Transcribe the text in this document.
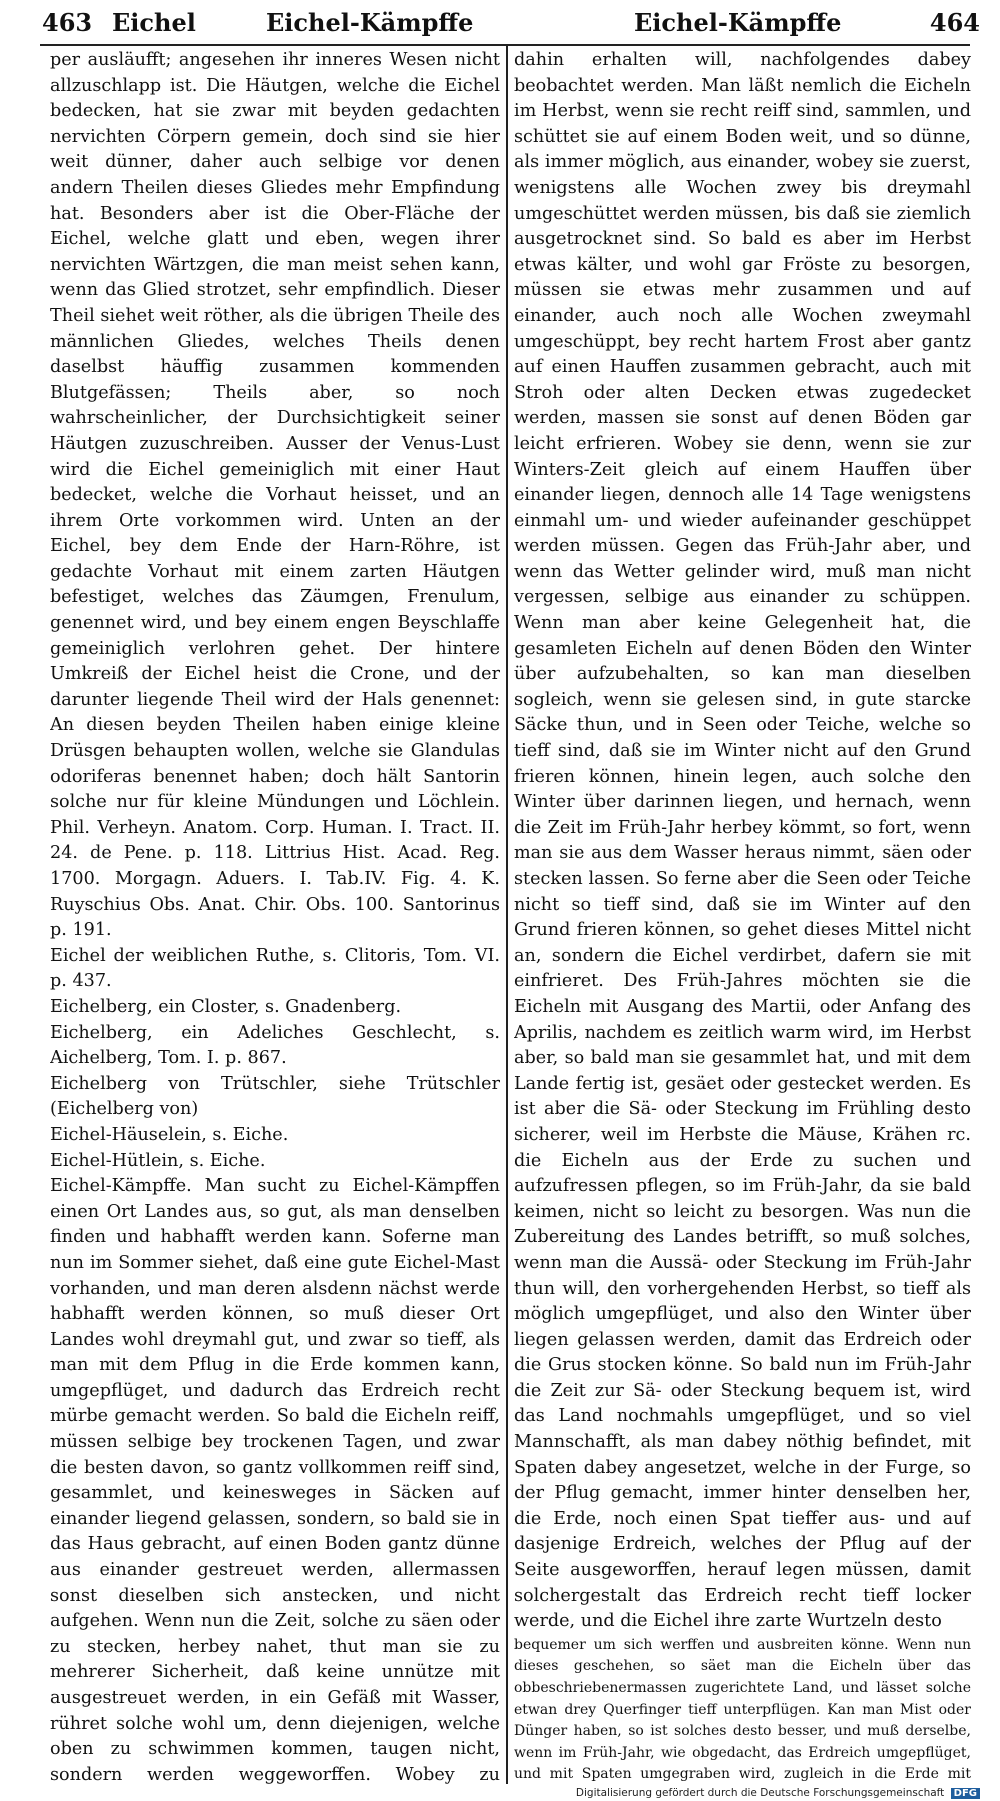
463 Eichel	Eichel-Kämpffe	Eichel-Kämpffe	464

per ausläufft; angesehen ihr inneres Wesen nicht allzuschlapp ist. Die Häutgen, welche die Eichel bedecken, hat sie zwar mit beyden gedachten nervichten Cörpern gemein, doch sind sie hier weit dünner, daher auch selbige vor denen andern Theilen dieses Gliedes mehr Empfindung hat. Besonders aber ist die Ober-Fläche der Eichel, welche glatt und eben, wegen ihrer nervichten Wärtzgen, die man meist sehen kann, wenn das Glied strotzet, sehr empfindlich. Dieser Theil siehet weit röther, als die übrigen Theile des männlichen Gliedes, welches Theils denen daselbst häuffig zusammen kommenden Blutgefässen; Theils aber, so noch wahrscheinlicher, der Durchsichtigkeit seiner Häutgen zuzuschreiben. Ausser der Venus-Lust wird die Eichel gemeiniglich mit einer Haut bedecket, welche die Vorhaut heisset, und an ihrem Orte vorkommen wird. Unten an der Eichel, bey dem Ende der Harn-Röhre, ist gedachte Vorhaut mit einem zarten Häutgen befestiget, welches das Zäumgen, Frenulum, genennet wird, und bey einem engen Beyschlaffe gemeiniglich verlohren gehet. Der hintere Umkreiß der Eichel heist die Crone, und der darunter liegende Theil wird der Hals genennet: An diesen beyden Theilen haben einige kleine Drüsgen behaupten wollen, welche sie Glandulas odoriferas benennet haben; doch hält Santorin solche nur für kleine Mündungen und Löchlein. Phil. Verheyn. Anatom. Corp. Human. I. Tract. II. 24. de Pene. p. 118. Littrius Hist. Acad. Reg. 1700. Morgagn. Aduers. I. Tab.IV. Fig. 4. K. Ruyschius Obs. Anat. Chir. Obs. 100. Santorinus p. 191.

Eichel der weiblichen Ruthe, s. Clitoris, Tom. VI. p. 437.

Eichelberg, ein Closter, s. Gnadenberg.

Eichelberg, ein Adeliches Geschlecht, s. Aichelberg, Tom. I. p. 867.

Eichelberg von Trütschler, siehe Trütschler (Eichelberg von)

Eichel-Häuselein, s. Eiche.

Eichel-Hütlein, s. Eiche.

Eichel-Kämpffe. Man sucht zu Eichel-Kämpffen einen Ort Landes aus, so gut, als man denselben finden und habhafft werden kann. Soferne man nun im Sommer siehet, daß eine gute Eichel-Mast vorhanden, und man deren alsdenn nächst werde habhafft werden können, so muß dieser Ort Landes wohl dreymahl gut, und zwar so tieff, als man mit dem Pflug in die Erde kommen kann, umgepflüget, und dadurch das Erdreich recht mürbe gemacht werden. So bald die Eicheln reiff, müssen selbige bey trockenen Tagen, und zwar die besten davon, so gantz vollkommen reiff sind, gesammlet, und keinesweges in Säcken auf einander liegend gelassen, sondern, so bald sie in das Haus gebracht, auf einen Boden gantz dünne aus einander gestreuet werden, allermassen sonst dieselben sich anstecken, und nicht aufgehen. Wenn nun die Zeit, solche zu säen oder zu stecken, herbey nahet, thut man sie zu mehrerer Sicherheit, daß keine unnütze mit ausgestreuet werden, in ein Gefäß mit Wasser, rühret solche wohl um, denn diejenigen, welche oben zu schwimmen kommen, taugen nicht, sondern werden weggeworffen. Wobey zu

dahin erhalten will, nachfolgendes dabey beobachtet werden. Man läßt nemlich die Eicheln im Herbst, wenn sie recht reiff sind, sammlen, und schüttet sie auf einem Boden weit, und so dünne, als immer möglich, aus einander, wobey sie zuerst, wenigstens alle Wochen zwey bis dreymahl umgeschüttet werden müssen, bis daß sie ziemlich ausgetrocknet sind. So bald es aber im Herbst etwas kälter, und wohl gar Fröste zu besorgen, müssen sie etwas mehr zusammen und auf einander, auch noch alle Wochen zweymahl umgeschüppt, bey recht hartem Frost aber gantz auf einen Hauffen zusammen gebracht, auch mit Stroh oder alten Decken etwas zugedecket werden, massen sie sonst auf denen Böden gar leicht erfrieren. Wobey sie denn, wenn sie zur Winters-Zeit gleich auf einem Hauffen über einander liegen, dennoch alle 14 Tage wenigstens einmahl um- und wieder aufeinander geschüppet werden müssen. Gegen das Früh-Jahr aber, und wenn das Wetter gelinder wird, muß man nicht vergessen, selbige aus einander zu schüppen. Wenn man aber keine Gelegenheit hat, die gesamleten Eicheln auf denen Böden den Winter über aufzubehalten, so kan man dieselben sogleich, wenn sie gelesen sind, in gute starcke Säcke thun, und in Seen oder Teiche, welche so tieff sind, daß sie im Winter nicht auf den Grund frieren können, hinein legen, auch solche den Winter über darinnen liegen, und hernach, wenn die Zeit im Früh-Jahr herbey kömmt, so fort, wenn man sie aus dem Wasser heraus nimmt, säen oder stecken lassen. So ferne aber die Seen oder Teiche nicht so tieff sind, daß sie im Winter auf den Grund frieren können, so gehet dieses Mittel nicht an, sondern die Eichel verdirbet, dafern sie mit einfrieret. Des Früh-Jahres möchten sie die Eicheln mit Ausgang des Martii, oder Anfang des Aprilis, nachdem es zeitlich warm wird, im Herbst aber, so bald man sie gesammlet hat, und mit dem Lande fertig ist, gesäet oder gestecket werden. Es ist aber die Sä- oder Steckung im Frühling desto sicherer, weil im Herbste die Mäuse, Krähen rc. die Eicheln aus der Erde zu suchen und aufzufressen pflegen, so im Früh-Jahr, da sie bald keimen, nicht so leicht zu besorgen. Was nun die Zubereitung des Landes betrifft, so muß solches, wenn man die Aussä- oder Steckung im Früh-Jahr thun will, den vorhergehenden Herbst, so tieff als möglich umgepflüget, und also den Winter über liegen gelassen werden, damit das Erdreich oder die Grus stocken könne. So bald nun im Früh-Jahr die Zeit zur Sä- oder Steckung bequem ist, wird das Land nochmahls umgepflüget, und so viel Mannschafft, als man dabey nöthig befindet, mit Spaten dabey angesetzet, welche in der Furge, so der Pflug gemacht, immer hinter denselben her, die Erde, noch einen Spat tieffer aus- und auf dasjenige Erdreich, welches der Pflug auf der Seite ausgeworffen, herauf legen müssen, damit solchergestalt das Erdreich recht tieff locker werde, und die Eichel ihre zarte Wurtzeln desto

bequemer um sich werffen und ausbreiten könne. Wenn nun dieses geschehen, so säet man die Eicheln über das obbeschriebenermassen zugerichtete Land, und lässet solche etwan drey Querfinger tieff unterpflügen. Kan man Mist oder Dünger haben, so ist solches desto besser, und muß derselbe, wenn im Früh-Jahr, wie obgedacht, das Erdreich umgepflüget, und mit Spaten umgegraben wird, zugleich in die Erde mit

Digitalisierung gefördert durch die Deutsche Forschungsgemeinschaft DFG
